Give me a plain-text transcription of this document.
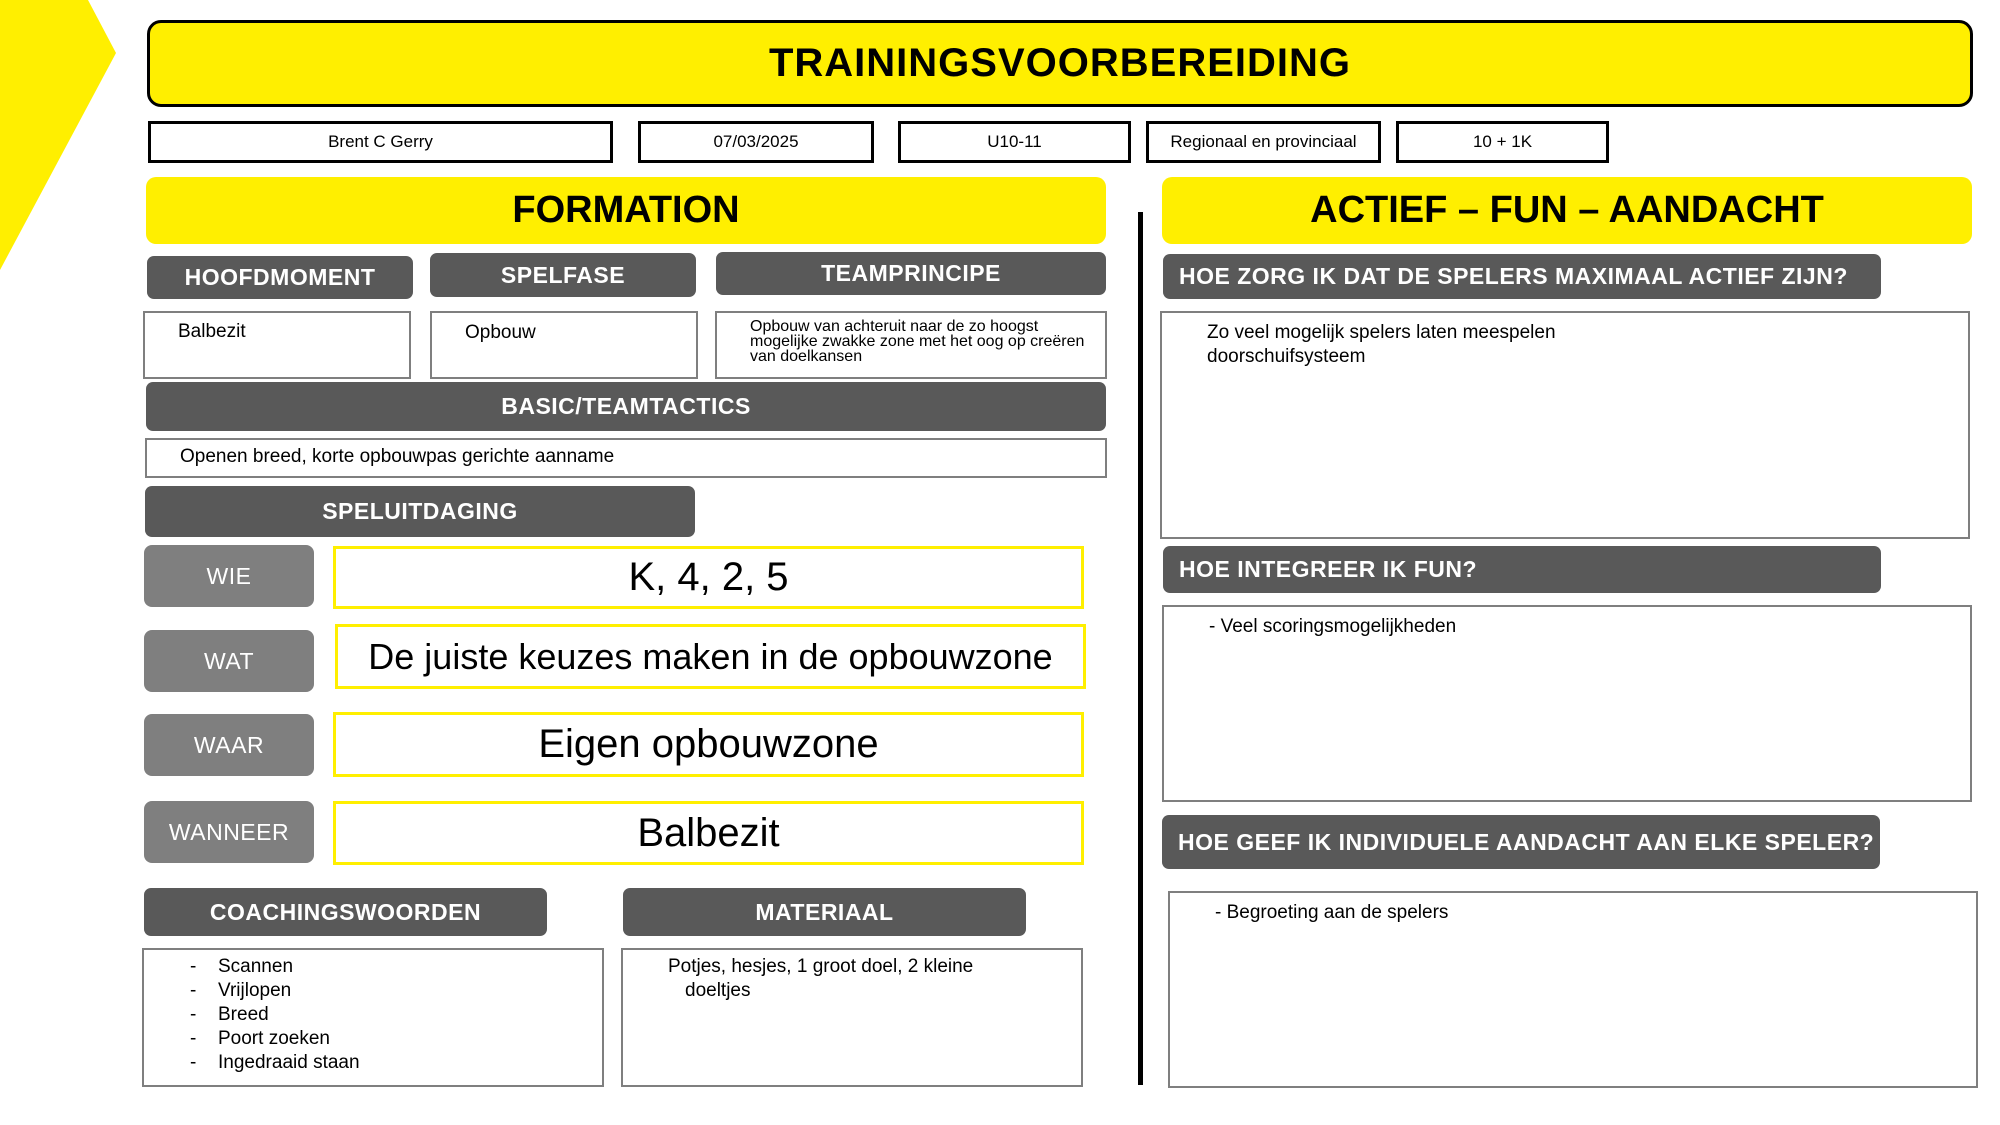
TRAININGSVOORBEREIDING
Brent C Gerry	07/03/2025	U10-11	Regionaal en provinciaal	10 + 1K
FORMATION
HOOFDMOMENT	SPELFASE	TEAMPRINCIPE
Balbezit	Opbouw	Opbouw van achteruit naar de zo hoogst mogelijke zwakke zone met het oog op creëren van doelkansen
BASIC/TEAMTACTICS
Openen breed, korte opbouwpas gerichte aanname
SPELUITDAGING
WIE	K, 4, 2, 5
WAT	De juiste keuzes maken in de opbouwzone
WAAR	Eigen opbouwzone
WANNEER	Balbezit
COACHINGSWOORDEN	MATERIAAL
- Scannen
- Vrijlopen
- Breed
- Poort zoeken
- Ingedraaid staan
Potjes, hesjes, 1 groot doel, 2 kleine
doeltjes
ACTIEF – FUN – AANDACHT
HOE ZORG IK DAT DE SPELERS MAXIMAAL ACTIEF ZIJN?
Zo veel mogelijk spelers laten meespelen
doorschuifsysteem
HOE INTEGREER IK FUN?
- Veel scoringsmogelijkheden
HOE GEEF IK INDIVIDUELE AANDACHT AAN ELKE SPELER?
- Begroeting aan de spelers
